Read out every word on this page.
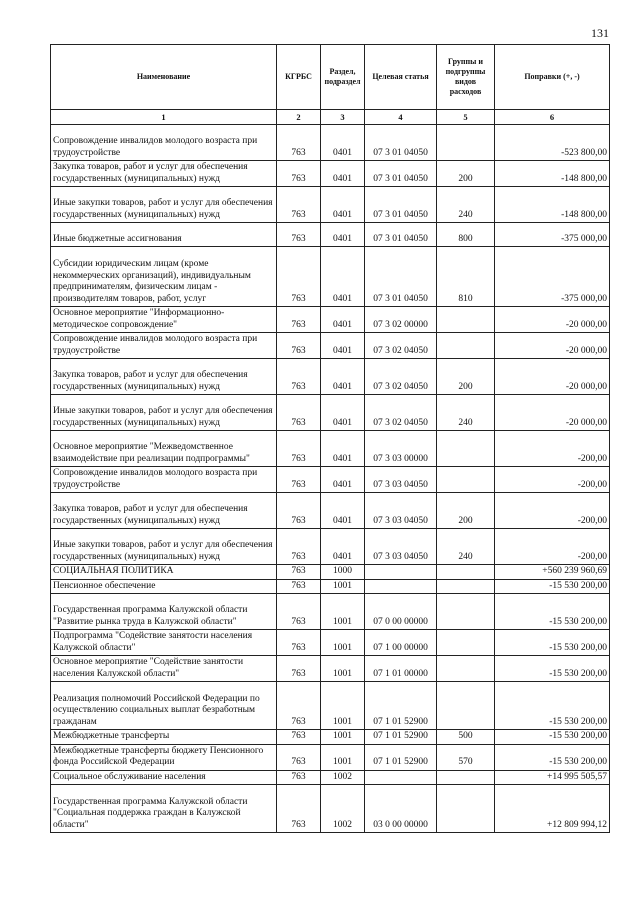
131
Наименование	КГРБС	Раздел, подраздел	Целевая статья	Группы и подгруппы видов расходов	Поправки (+, -)
1	2	3	4	5	6
Сопровождение инвалидов молодого возраста при трудоустройстве	763	0401	07 3 01 04050		-523 800,00
Закупка товаров, работ и услуг для обеспечения государственных (муниципальных) нужд	763	0401	07 3 01 04050	200	-148 800,00
Иные закупки товаров, работ и услуг для обеспечения государственных (муниципальных) нужд	763	0401	07 3 01 04050	240	-148 800,00
Иные бюджетные ассигнования	763	0401	07 3 01 04050	800	-375 000,00
Субсидии юридическим лицам (кроме некоммерческих организаций), индивидуальным предпринимателям, физическим лицам - производителям товаров, работ, услуг	763	0401	07 3 01 04050	810	-375 000,00
Основное мероприятие "Информационно-методическое сопровождение"	763	0401	07 3 02 00000		-20 000,00
Сопровождение инвалидов молодого возраста при трудоустройстве	763	0401	07 3 02 04050		-20 000,00
Закупка товаров, работ и услуг для обеспечения государственных (муниципальных) нужд	763	0401	07 3 02 04050	200	-20 000,00
Иные закупки товаров, работ и услуг для обеспечения государственных (муниципальных) нужд	763	0401	07 3 02 04050	240	-20 000,00
Основное мероприятие "Межведомственное взаимодействие при реализации подпрограммы"	763	0401	07 3 03 00000		-200,00
Сопровождение инвалидов молодого возраста при трудоустройстве	763	0401	07 3 03 04050		-200,00
Закупка товаров, работ и услуг для обеспечения государственных (муниципальных) нужд	763	0401	07 3 03 04050	200	-200,00
Иные закупки товаров, работ и услуг для обеспечения государственных (муниципальных) нужд	763	0401	07 3 03 04050	240	-200,00
СОЦИАЛЬНАЯ ПОЛИТИКА	763	1000			+560 239 960,69
Пенсионное обеспечение	763	1001			-15 530 200,00
Государственная программа Калужской области "Развитие рынка труда в Калужской области"	763	1001	07 0 00 00000		-15 530 200,00
Подпрограмма "Содействие занятости населения Калужской области"	763	1001	07 1 00 00000		-15 530 200,00
Основное мероприятие "Содействие занятости населения Калужской области"	763	1001	07 1 01 00000		-15 530 200,00
Реализация полномочий Российской Федерации по осуществлению социальных выплат безработным гражданам	763	1001	07 1 01 52900		-15 530 200,00
Межбюджетные трансферты	763	1001	07 1 01 52900	500	-15 530 200,00
Межбюджетные трансферты бюджету Пенсионного фонда Российской Федерации	763	1001	07 1 01 52900	570	-15 530 200,00
Социальное обслуживание населения	763	1002			+14 995 505,57
Государственная программа Калужской области "Социальная поддержка граждан в Калужской области"	763	1002	03 0 00 00000		+12 809 994,12
